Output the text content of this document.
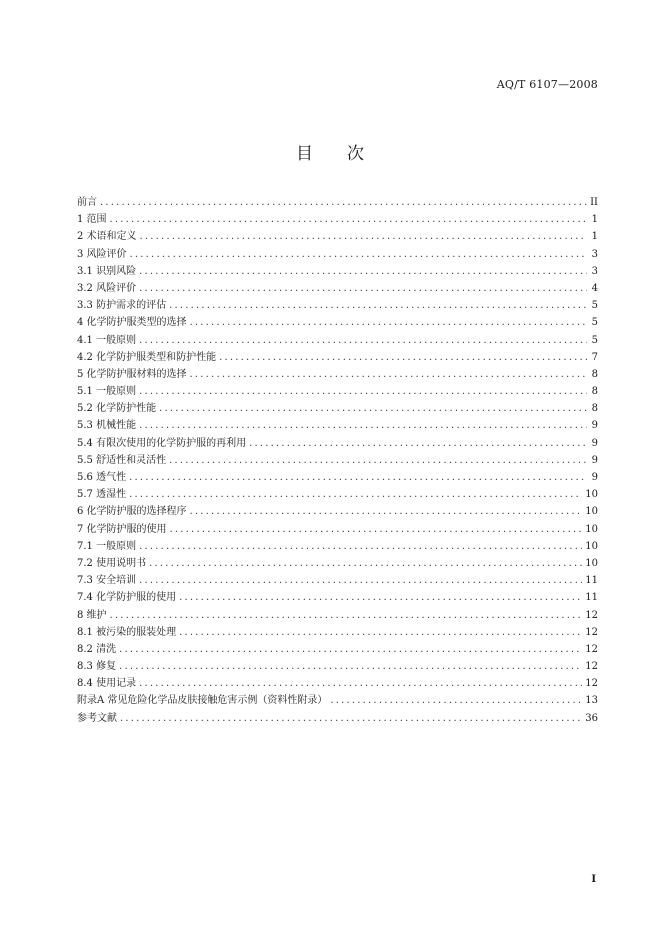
AQ/T 6107—2008
目次
前言 .....	II
1 范围 .....	1
2 术语和定义 .....	1
3 风险评价 .....	3
3.1 识别风险 .....	3
3.2 风险评价 .....	4
3.3 防护需求的评估 .....	5
4 化学防护服类型的选择 .....	5
4.1 一般原则 .....	5
4.2 化学防护服类型和防护性能 .....	7
5 化学防护服材料的选择 .....	8
5.1 一般原则 .....	8
5.2 化学防护性能 .....	8
5.3 机械性能 .....	9
5.4 有限次使用的化学防护服的再利用 .....	9
5.5 舒适性和灵活性 .....	9
5.6 透气性 .....	9
5.7 透湿性 .....	10
6 化学防护服的选择程序 .....	10
7 化学防护服的使用 .....	10
7.1 一般原则 .....	10
7.2 使用说明书 .....	10
7.3 安全培训 .....	11
7.4 化学防护服的使用 .....	11
8 维护 .....	12
8.1 被污染的服装处理 .....	12
8.2 清洗 .....	12
8.3 修复 .....	12
8.4 使用记录 .....	12
附录A 常见危险化学品皮肤接触危害示例（资料性附录） .....	13
参考文献 .....	36
I
